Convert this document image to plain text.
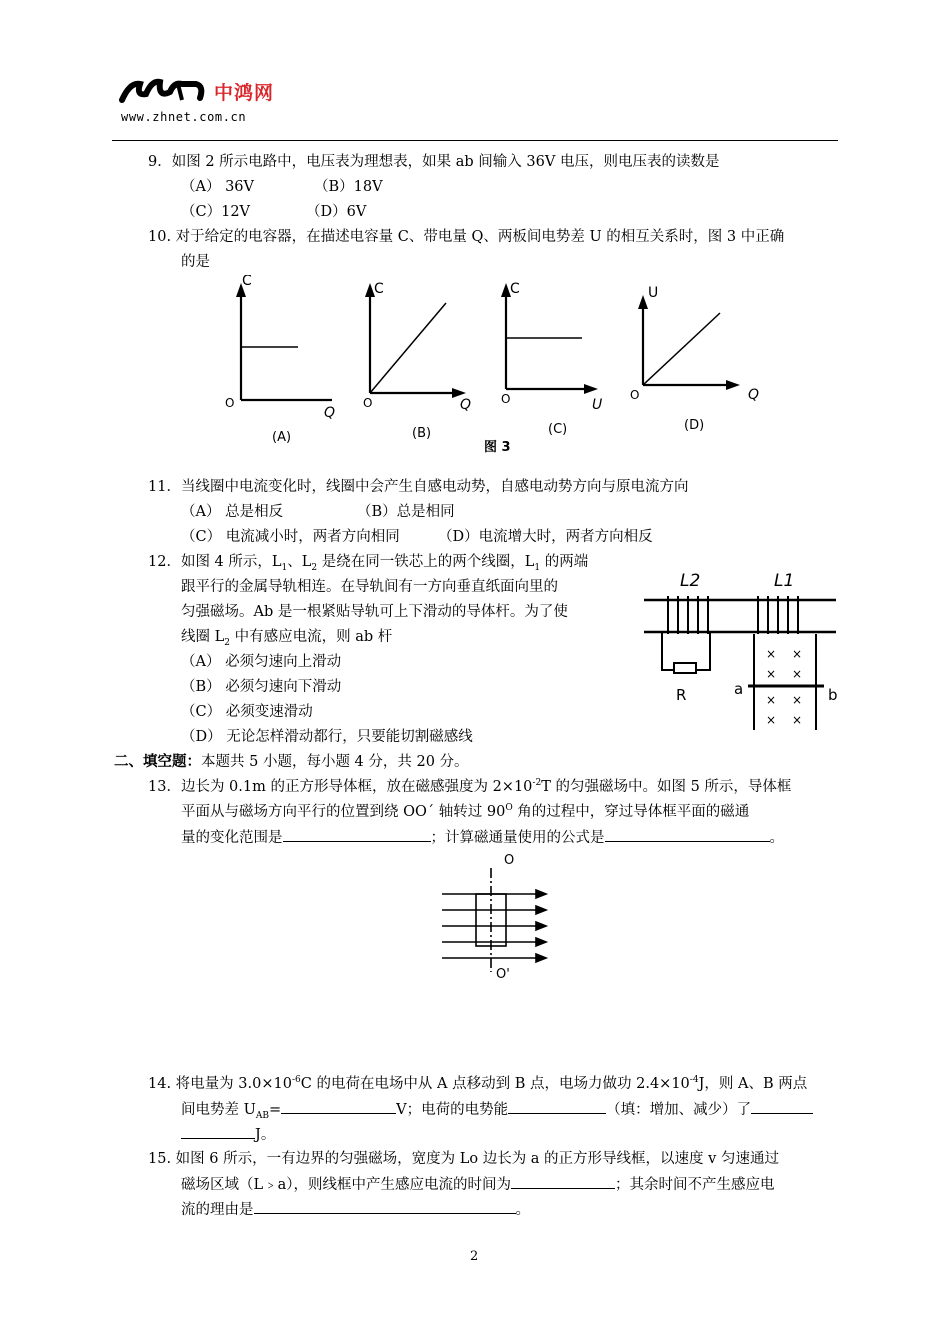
中鸿网
www.zhnet.com.cn
9．如图 2 所示电路中，电压表为理想表，如果 ab 间输入 36V 电压，则电压表的读数是
（A） 36V	（B）18V
（C）12V	（D）6V
10. 对于给定的电容器，在描述电容量 C、带电量 Q、两板间电势差 U 的相互关系时，图 3 中正确
的是
C
O
Q
(A)
C
O	Q
(B)
C
O	U
(C)
U
O	Q
(D)
图 3
11．当线圈中电流变化时，线圈中会产生自感电动势，自感电动势方向与原电流方向
（A） 总是相反	（B）总是相同
（C） 电流减小时，两者方向相同	（D）电流增大时，两者方向相反
12．如图 4 所示，$L_1$、$L_2$ 是绕在同一铁芯上的两个线圈，$L_1$ 的两端
跟平行的金属导轨相连。在导轨间有一方向垂直纸面向里的
匀强磁场。Ab 是一根紧贴导轨可上下滑动的导体杆。为了使
线圈 $L_2$ 中有感应电流，则 ab 杆
（A） 必须匀速向上滑动
（B） 必须匀速向下滑动
（C） 必须变速滑动
（D） 无论怎样滑动都行，只要能切割磁感线
L2	L1
R	a	b
× ×
× ×
× ×
× ×
二、填空题：本题共 5 小题，每小题 4 分，共 20 分。
13．边长为 0.1m 的正方形导体框，放在磁感强度为 $2\times 10^{-2}T$ 的匀强磁场中。如图 5 所示，导体框
平面从与磁场方向平行的位置到绕 OO´ 轴转过 $90^O$ 角的过程中，穿过导体框平面的磁通
量的变化范围是	；计算磁通量使用的公式是	。
O
O'
14. 将电量为 $3.0\times 10^{-6}C$ 的电荷在电场中从 A 点移动到 B 点，电场力做功 $2.4\times 10^{-4}J$，则 A、B 两点
间电势差 $U_{AB}=$	V；电荷的电势能	（填：增加、减少）了
J。
15. 如图 6 所示，一有边界的匀强磁场，宽度为 Lo 边长为 a 的正方形导线框，以速度 v 匀速通过
磁场区域（L﹥a），则线框中产生感应电流的时间为	；其余时间不产生感应电
流的理由是	。
2
